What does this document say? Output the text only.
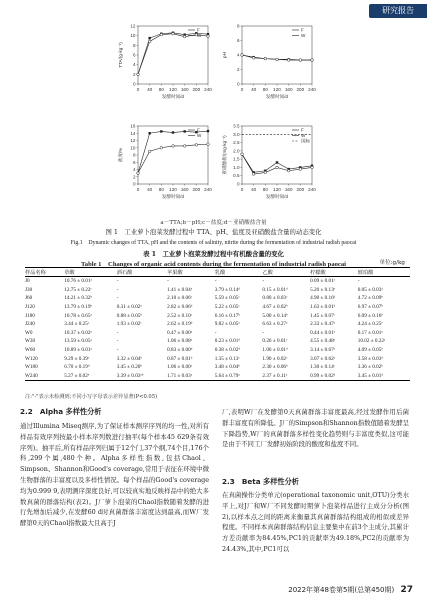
研究报告
0
2
4
6
8
10
12
0 40 80 120 160 200 240
发酵时间/d
TTA/(g·kg⁻¹)
F
W
0
2
4
6
8
0 40 80 120 160 200 240
发酵时间/d
pH
F
W
0
2
4
6
8
10
12
14
16
0 40 80 120 160 200 240
发酵时间/d
盐度/%
F
W
0
0.5
1.0
1.5
2.0
2.5
3.0
3.5
0 40 80 120 160 200 240
发酵时间/d
亚硝酸盐/(mg·kg⁻¹)
F
W
国标
a－TTA;b－pH;c－盐度;d－亚硝酸盐含量
图 1　工业萝卜泡菜发酵过程中 TTA、pH、盐度及亚硝酸盐含量的动态变化
Fig.1　Dynamic changes of TTA, pH and the contents of salinity, nitrite during the fermentation of industrial radish paocai
表 1　工业萝卜泡菜发酵过程中有机酸含量的变化
Table 1　Changes of organic acid contents during the fermentation of industrial radish paocai	单位:g/kg
样品名称	草酸	酒石酸	苹果酸	乳酸	乙酸	柠檬酸	琥珀酸
J0	10.76 ± 0.01ᵃ	-	-	-	-	0.09 ± 0.01ᵃ	-
J30	12.75 ± 0.22ᶜ	-	1.41 ± 0.04ᵃ	3.79 ± 0.14ᵈ	0.15 ± 0.01ᵈ	5.20 ± 0.13ᵉ	0.05 ± 0.03ᵃ
J60	14.21 ± 0.32ᵇ	-	2.10 ± 0.06ᶜ	5.59 ± 0.05ᶜ	0.80 ± 0.03ᶜ	4.90 ± 0.16ᵈ	4.72 ± 0.09ᵇ
J120	13.79 ± 0.19ᵇ	0.31 ± 0.02ᵃ	2.82 ± 0.06ᵈ	5.22 ± 0.05ᶜ	4.67 ± 0.02ᵇ	1.63 ± 0.01ᵈ	6.97 ± 0.07ᵇ
J180	10.78 ± 0.65ᵃ	0.88 ± 0.05ᵇ	2.52 ± 0.10ᶜ	6.16 ± 0.17ᵇ	5.00 ± 0.14ᵇ	1.45 ± 0.07ᶜ	6.09 ± 0.16ᵉ
J240	3.44 ± 0.25ᶜ	1.93 ± 0.02ᶜ	2.62 ± 0.19ᵈ	9.82 ± 0.05ᵃ	6.63 ± 0.27ᵃ	2.33 ± 0.47ᵃ	4.24 ± 0.25ᵉ
W0	10.37 ± 0.02ᵃ	-	0.47 ± 0.00ᵃ	-	-	0.44 ± 0.01ᵃ	0.17 ± 0.01ᵃ
W30	13.59 ± 0.05ᵃ	-	1.06 ± 0.08ᵃ	0.23 ± 0.01ᵈ	0.26 ± 0.01ᶜ	4.55 ± 0.48ᵃ	10.02 ± 0.22ᵃ
W60	10.89 ± 0.01ᵃ	-	0.83 ± 0.00ᵈ	0.38 ± 0.02ᵈ	1.06 ± 0.01ᵈ	3.14 ± 0.67ᵃ	4.09 ± 0.05ᵇ
W120	9.29 ± 0.39ᶜ	3.32 ± 0.04ᵇ	0.87 ± 0.01ᵈ	1.35 ± 0.13ᶜ	1.90 ± 0.02ᶜ	3.07 ± 0.62ᵃ	3.58 ± 0.03ᵈ
W180	6.70 ± 0.19ᵈ	3.45 ± 0.20ᵇ	1.06 ± 0.00ᶜ	3.48 ± 0.04ᵇ	2.30 ± 0.06ᵇ	1.30 ± 0.14ᶜ	3.36 ± 0.02ᵇ
W240	5.27 ± 0.02ᵉ	3.39 ± 0.03ᵃᵇ	1.71 ± 0.03ᵃ	5.64 ± 0.79ᵃ	2.37 ± 0.11ᵃ	0.99 ± 0.02ᵈ	3.45 ± 0.01ᵈ
注:"-"表示未检测到;不同小写字母表示差异显著(P<0.05)
2.2　Alpha 多样性分析
通过Illumina Miseq测序,为了保证样本测序序列的均一性,对所有样品有效序列按最小样本序列数进行抽平(每个样本45 629条有效序列)。抽平后,所有样品序列归属于12个门,37个纲,74个目,176个科,299个属,480个种。Alpha多样性指数,包括Chaol、Simpson、Shannon和Good's coverage,常用于表征在环境中微生物群落的丰富度以及多样性情况。每个样品的Good's coverage均为0.999 9,表明测序深度良好,可以较真实地反映样品中的绝大多数真菌的群落结构(表2)。J厂萝卜泡菜的Chaol指数随着发酵的进行先增加后减少,在发酵60 d时真菌群落丰富度达到最高,而W厂发酵第0天的Chaol指数最大且高于J
厂,表明W厂在发酵第0天真菌群落丰富度最高,经过发酵作用后菌群丰富度有所降低。J厂的Simpson和Shannon指数值随着发酵呈下降趋势,W厂的真菌群落多样性变化趋势则与丰富度类似,这可能是由于不同工厂发酵初始阶段的酸度和盐度不同。
2.3　Beta 多样性分析
在真菌操作分类单元(operational taxonomic unit,OTU)分类水平上,对J厂和W厂不同发酵时期萝卜泡菜样品进行主成分分析(图2),以样本点之间的距离来衡量其真菌群落结构组成的相似或差异程度。不同样本真菌群落结构信息主要集中在前3个主成分,其累计方差贡献率为84.45%,PC1的贡献率为49.18%,PC2的贡献率为24.43%,其中,PC1可以
2022年第48卷第5期(总第450期) 27
